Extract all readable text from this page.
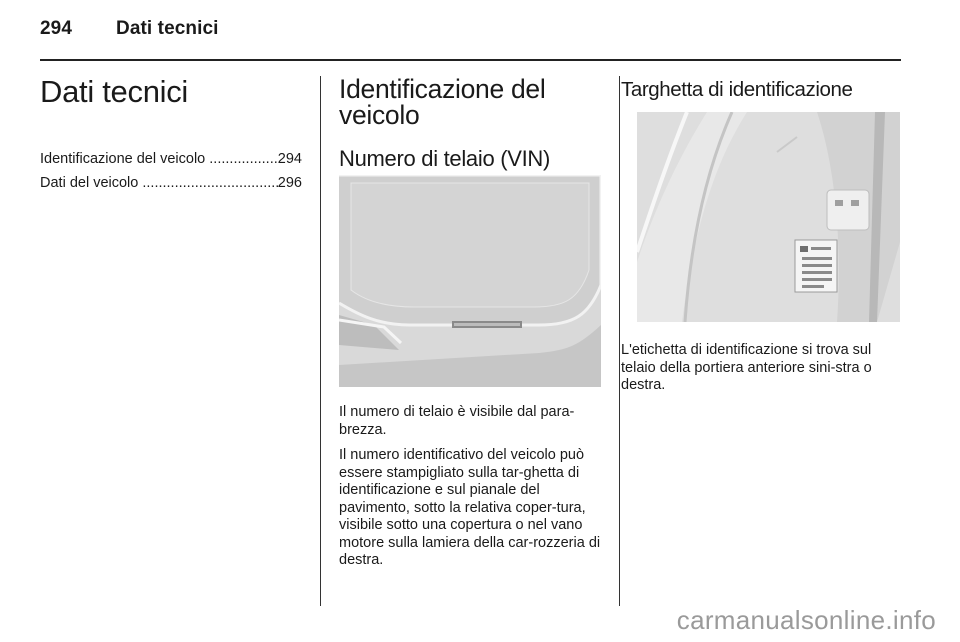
294 Dati tecnici
Dati tecnici
Identificazione del veicolo .....	294
Dati del veicolo .....	296
Identificazione del veicolo
Numero di telaio (VIN)

Il numero di telaio è visibile dal para-brezza.

Il numero identificativo del veicolo può essere stampigliato sulla tar-ghetta di identificazione e sul pianale del pavimento, sotto la relativa coper-tura, visibile sotto una copertura o nel vano motore sulla lamiera della car-rozzeria di destra.

Targhetta di identificazione

L'etichetta di identificazione si trova sul telaio della portiera anteriore sini-stra o destra.

carmanualsonline.info
